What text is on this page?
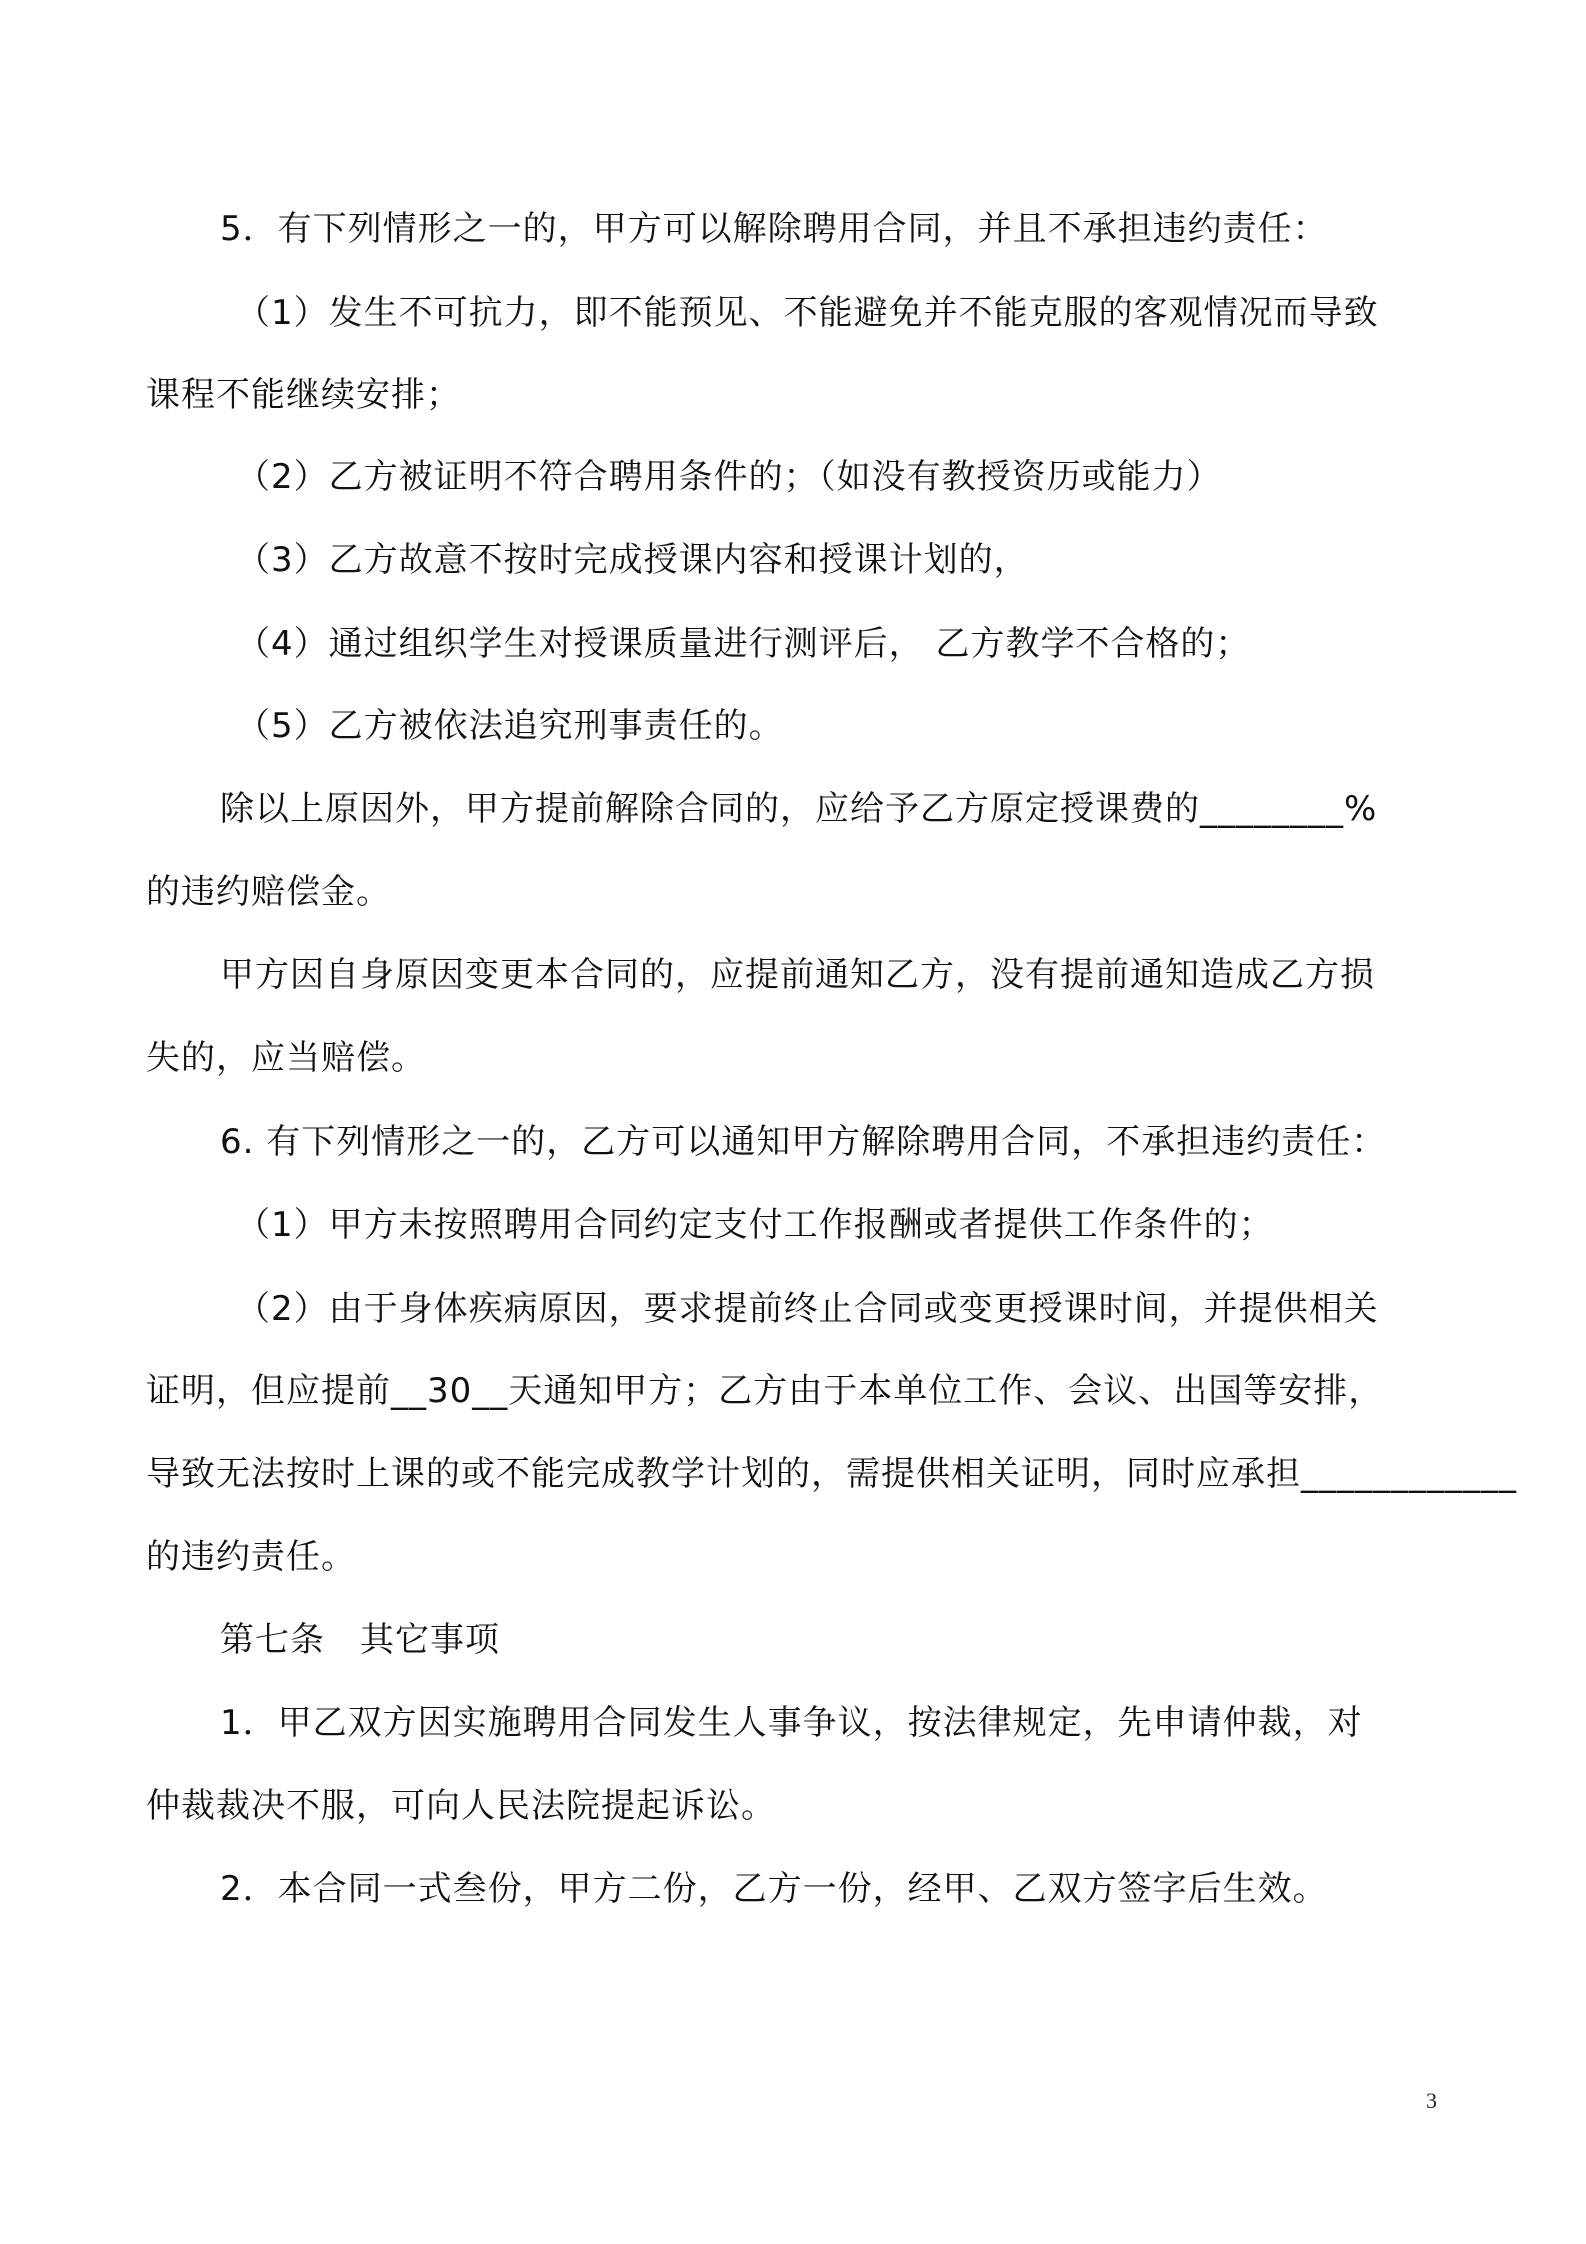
5．有下列情形之一的，甲方可以解除聘用合同，并且不承担违约责任：
（1）发生不可抗力，即不能预见、不能避免并不能克服的客观情况而导致
课程不能继续安排；
（2）乙方被证明不符合聘用条件的；（如没有教授资历或能力）
（3）乙方故意不按时完成授课内容和授课计划的，
（4）通过组织学生对授课质量进行测评后， 乙方教学不合格的；
（5）乙方被依法追究刑事责任的。
除以上原因外，甲方提前解除合同的，应给予乙方原定授课费的________%
的违约赔偿金。
甲方因自身原因变更本合同的，应提前通知乙方，没有提前通知造成乙方损
失的，应当赔偿。
6. 有下列情形之一的，乙方可以通知甲方解除聘用合同，不承担违约责任：
（1）甲方未按照聘用合同约定支付工作报酬或者提供工作条件的；
（2）由于身体疾病原因，要求提前终止合同或变更授课时间，并提供相关
证明，但应提前__30__天通知甲方；乙方由于本单位工作、会议、出国等安排，
导致无法按时上课的或不能完成教学计划的，需提供相关证明，同时应承担____________
的违约责任。
第七条　其它事项
1．甲乙双方因实施聘用合同发生人事争议，按法律规定，先申请仲裁，对
仲裁裁决不服，可向人民法院提起诉讼。
2．本合同一式叁份，甲方二份，乙方一份，经甲、乙双方签字后生效。
3
